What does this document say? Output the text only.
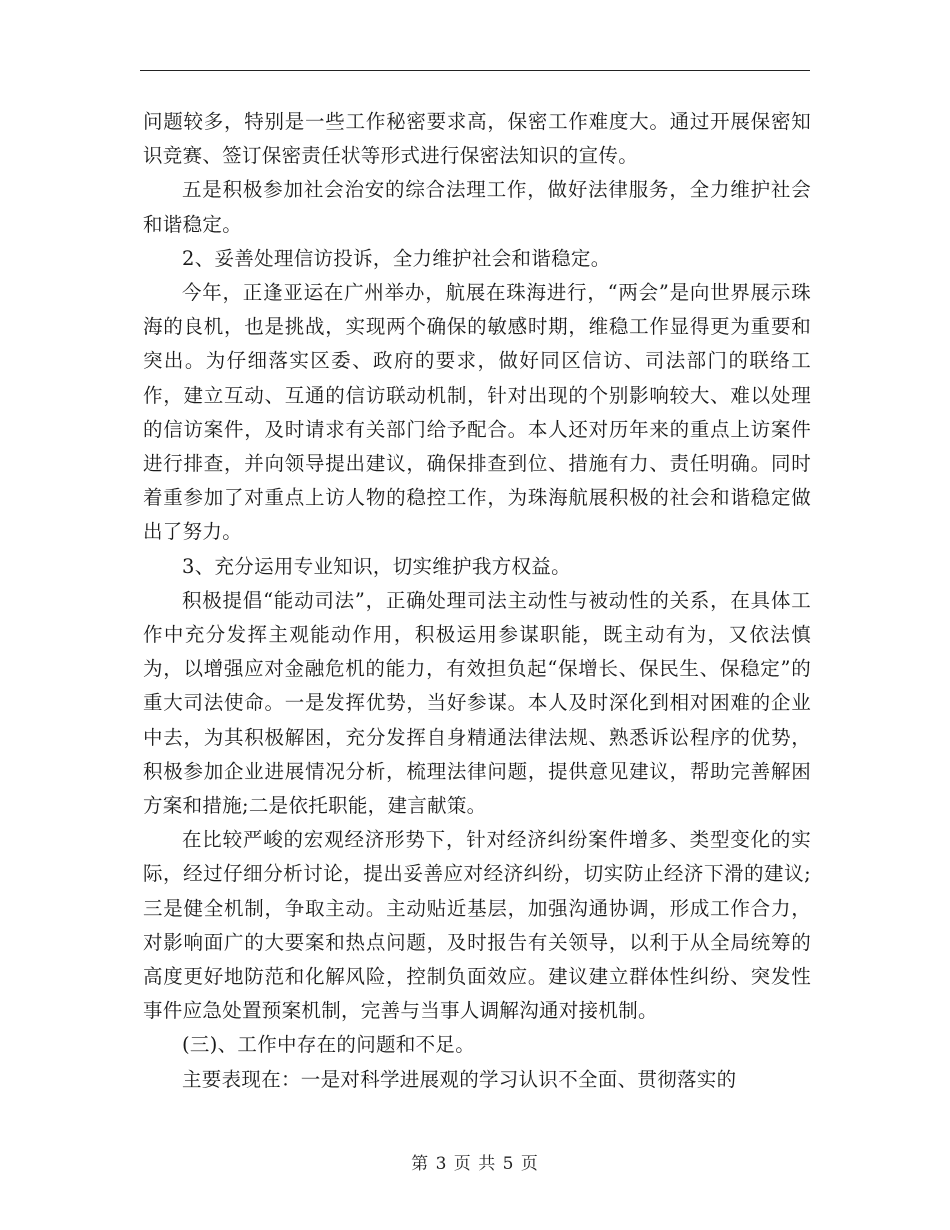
问题较多，特别是一些工作秘密要求高，保密工作难度大。通过开展保密知识竞赛、签订保密责任状等形式进行保密法知识的宣传。

五是积极参加社会治安的综合法理工作，做好法律服务，全力维护社会和谐稳定。

2、妥善处理信访投诉，全力维护社会和谐稳定。

今年，正逢亚运在广州举办，航展在珠海进行，“两会”是向世界展示珠海的良机，也是挑战，实现两个确保的敏感时期，维稳工作显得更为重要和突出。为仔细落实区委、政府的要求，做好同区信访、司法部门的联络工作，建立互动、互通的信访联动机制，针对出现的个别影响较大、难以处理的信访案件，及时请求有关部门给予配合。本人还对历年来的重点上访案件进行排查，并向领导提出建议，确保排查到位、措施有力、责任明确。同时着重参加了对重点上访人物的稳控工作，为珠海航展积极的社会和谐稳定做出了努力。

3、充分运用专业知识，切实维护我方权益。

积极提倡“能动司法”，正确处理司法主动性与被动性的关系，在具体工作中充分发挥主观能动作用，积极运用参谋职能，既主动有为，又依法慎为，以增强应对金融危机的能力，有效担负起“保增长、保民生、保稳定”的重大司法使命。一是发挥优势，当好参谋。本人及时深化到相对困难的企业中去，为其积极解困，充分发挥自身精通法律法规、熟悉诉讼程序的优势，积极参加企业进展情况分析，梳理法律问题，提供意见建议，帮助完善解困方案和措施;二是依托职能，建言献策。

在比较严峻的宏观经济形势下，针对经济纠纷案件增多、类型变化的实际，经过仔细分析讨论，提出妥善应对经济纠纷，切实防止经济下滑的建议;三是健全机制，争取主动。主动贴近基层，加强沟通协调，形成工作合力，对影响面广的大要案和热点问题，及时报告有关领导，以利于从全局统筹的高度更好地防范和化解风险，控制负面效应。建议建立群体性纠纷、突发性事件应急处置预案机制，完善与当事人调解沟通对接机制。

(三)、工作中存在的问题和不足。

主要表现在：一是对科学进展观的学习认识不全面、贯彻落实的

第 3 页 共 5 页
